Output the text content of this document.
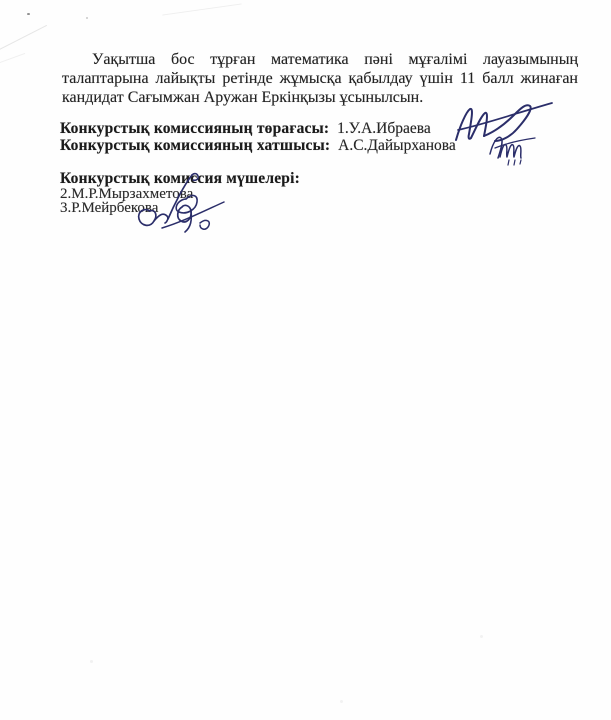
Уақытша бос тұрған математика пәні мұғалімі лауазымының
талаптарына лайықты ретінде жұмысқа қабылдау үшін 11 балл жинаған
кандидат Сағымжан Аружан Еркінқызы ұсынылсын.
Конкурстық комиссияның төрағасы: 1.У.А.Ибраева
Конкурстық комиссияның хатшысы: А.С.Дайырханова
Конкурстық комиссия мүшелері:
2.М.Р.Мырзахметова
3.Р.Мейрбекова
